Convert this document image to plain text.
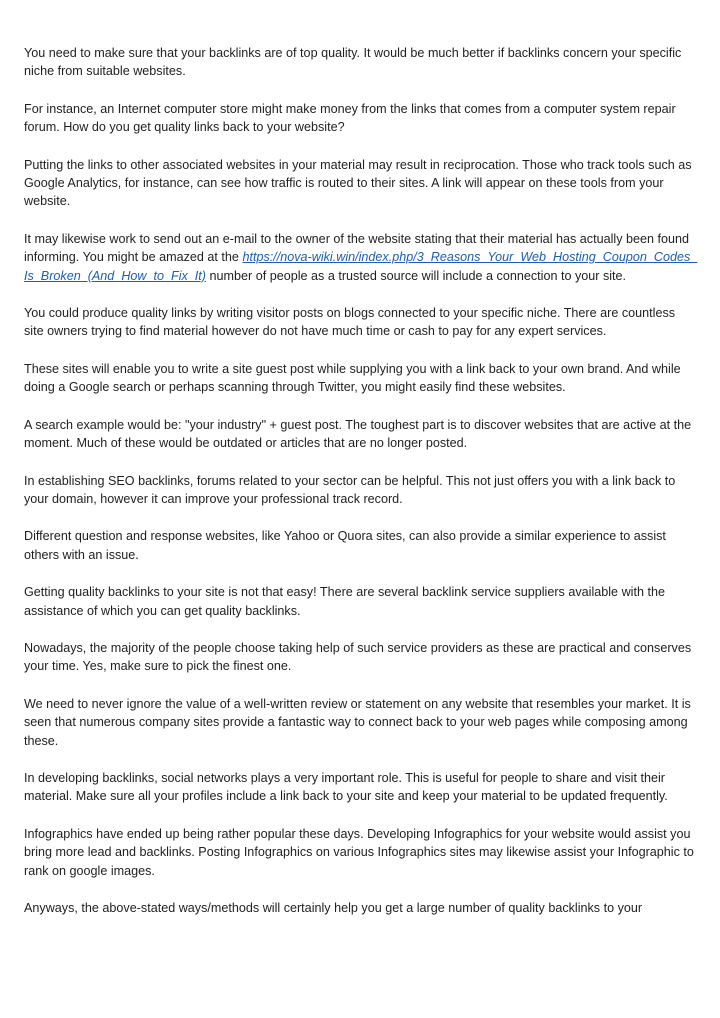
You need to make sure that your backlinks are of top quality. It would be much better if backlinks concern your specific niche from suitable websites.

For instance, an Internet computer store might make money from the links that comes from a computer system repair forum. How do you get quality links back to your website?

Putting the links to other associated websites in your material may result in reciprocation. Those who track tools such as Google Analytics, for instance, can see how traffic is routed to their sites. A link will appear on these tools from your website.

It may likewise work to send out an e-mail to the owner of the website stating that their material has actually been found informing. You might be amazed at the https://nova-wiki.win/index.php/3_Reasons_Your_Web_Hosting_Coupon_Codes_Is_Broken_(And_How_to_Fix_It) number of people as a trusted source will include a connection to your site.

You could produce quality links by writing visitor posts on blogs connected to your specific niche. There are countless site owners trying to find material however do not have much time or cash to pay for any expert services.

These sites will enable you to write a site guest post while supplying you with a link back to your own brand. And while doing a Google search or perhaps scanning through Twitter, you might easily find these websites.

A search example would be: "your industry" + guest post. The toughest part is to discover websites that are active at the moment. Much of these would be outdated or articles that are no longer posted.

In establishing SEO backlinks, forums related to your sector can be helpful. This not just offers you with a link back to your domain, however it can improve your professional track record.

Different question and response websites, like Yahoo or Quora sites, can also provide a similar experience to assist others with an issue.

Getting quality backlinks to your site is not that easy! There are several backlink service suppliers available with the assistance of which you can get quality backlinks.

Nowadays, the majority of the people choose taking help of such service providers as these are practical and conserves your time. Yes, make sure to pick the finest one.

We need to never ignore the value of a well-written review or statement on any website that resembles your market. It is seen that numerous company sites provide a fantastic way to connect back to your web pages while composing among these.

In developing backlinks, social networks plays a very important role. This is useful for people to share and visit their material. Make sure all your profiles include a link back to your site and keep your material to be updated frequently.

Infographics have ended up being rather popular these days. Developing Infographics for your website would assist you bring more lead and backlinks. Posting Infographics on various Infographics sites may likewise assist your Infographic to rank on google images.

Anyways, the above-stated ways/methods will certainly help you get a large number of quality backlinks to your
